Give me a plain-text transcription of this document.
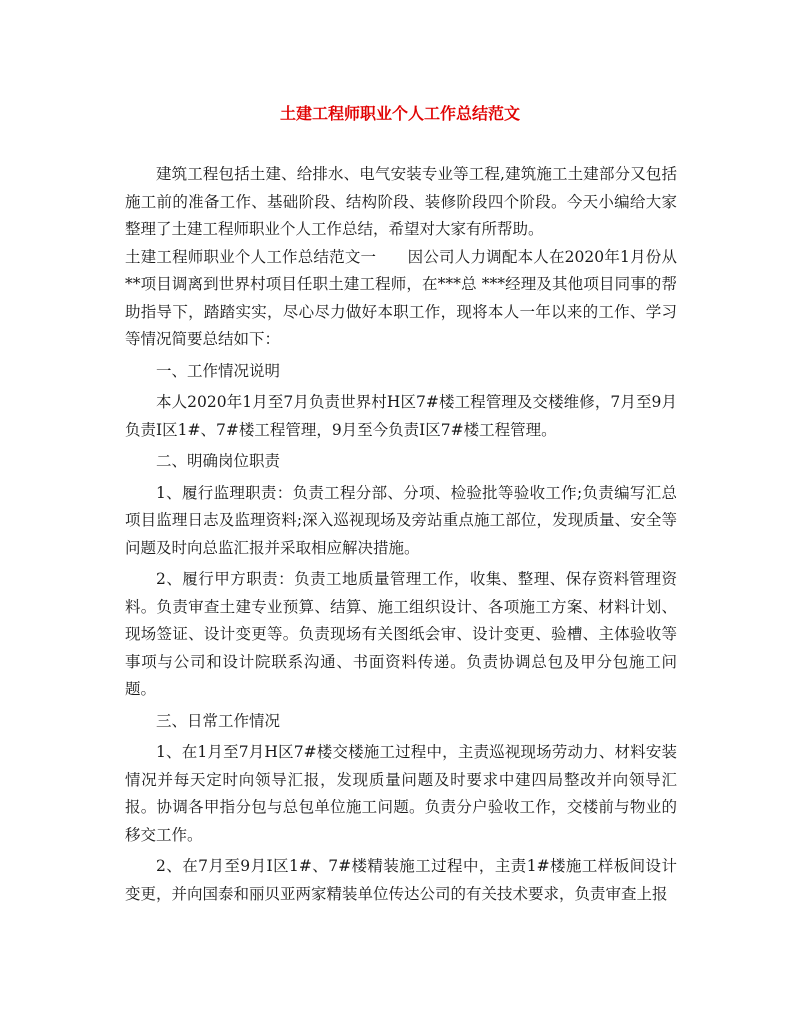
土建工程师职业个人工作总结范文

建筑工程包括土建、给排水、电气安装专业等工程,建筑施工土建部分又包括施工前的准备工作、基础阶段、结构阶段、装修阶段四个阶段。今天小编给大家整理了土建工程师职业个人工作总结，希望对大家有所帮助。

土建工程师职业个人工作总结范文一　　因公司人力调配本人在2020年1月份从**项目调离到世界村项目任职土建工程师，在***总 ***经理及其他项目同事的帮助指导下，踏踏实实，尽心尽力做好本职工作，现将本人一年以来的工作、学习等情况简要总结如下：

一、工作情况说明

本人2020年1月至7月负责世界村H区7#楼工程管理及交楼维修，7月至9月负责I区1#、7#楼工程管理，9月至今负责I区7#楼工程管理。

二、明确岗位职责

1、履行监理职责：负责工程分部、分项、检验批等验收工作;负责编写汇总项目监理日志及监理资料;深入巡视现场及旁站重点施工部位，发现质量、安全等问题及时向总监汇报并采取相应解决措施。

2、履行甲方职责：负责工地质量管理工作，收集、整理、保存资料管理资料。负责审查土建专业预算、结算、施工组织设计、各项施工方案、材料计划、现场签证、设计变更等。负责现场有关图纸会审、设计变更、验槽、主体验收等事项与公司和设计院联系沟通、书面资料传递。负责协调总包及甲分包施工问题。

三、日常工作情况

1、在1月至7月H区7#楼交楼施工过程中，主责巡视现场劳动力、材料安装情况并每天定时向领导汇报，发现质量问题及时要求中建四局整改并向领导汇报。协调各甲指分包与总包单位施工问题。负责分户验收工作，交楼前与物业的移交工作。

2、在7月至9月I区1#、7#楼精装施工过程中，主责1#楼施工样板间设计变更，并向国泰和丽贝亚两家精装单位传达公司的有关技术要求，负责审查上报
